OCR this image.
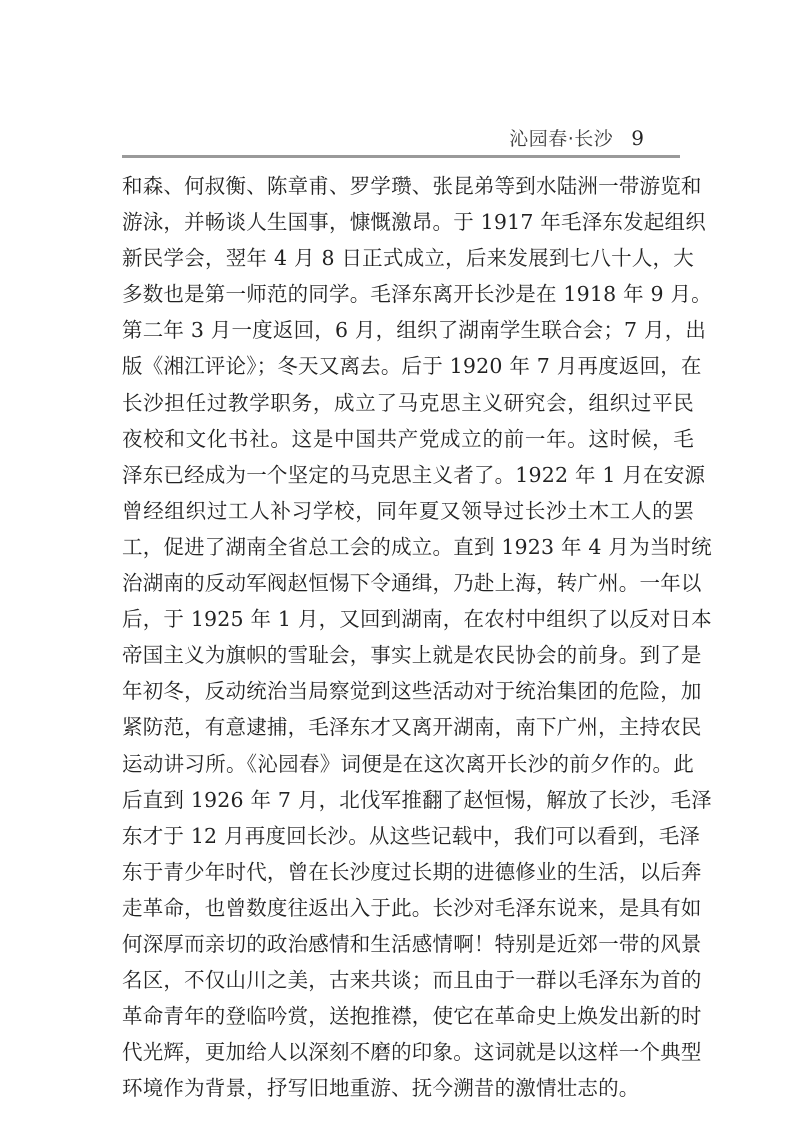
沁园春·长沙 9
和森、何叔衡、陈章甫、罗学瓒、张昆弟等到水陆洲一带游览和
游泳，并畅谈人生国事，慷慨激昂。于 1917 年毛泽东发起组织
新民学会，翌年 4 月 8 日正式成立，后来发展到七八十人，大
多数也是第一师范的同学。毛泽东离开长沙是在 1918 年 9 月。
第二年 3 月一度返回，6 月，组织了湖南学生联合会；7 月，出
版《湘江评论》；冬天又离去。后于 1920 年 7 月再度返回，在
长沙担任过教学职务，成立了马克思主义研究会，组织过平民
夜校和文化书社。这是中国共产党成立的前一年。这时候，毛
泽东已经成为一个坚定的马克思主义者了。1922 年 1 月在安源
曾经组织过工人补习学校，同年夏又领导过长沙土木工人的罢
工，促进了湖南全省总工会的成立。直到 1923 年 4 月为当时统
治湖南的反动军阀赵恒惕下令通缉，乃赴上海，转广州。一年以
后，于 1925 年 1 月，又回到湖南，在农村中组织了以反对日本
帝国主义为旗帜的雪耻会，事实上就是农民协会的前身。到了是
年初冬，反动统治当局察觉到这些活动对于统治集团的危险，加
紧防范，有意逮捕，毛泽东才又离开湖南，南下广州，主持农民
运动讲习所。《沁园春》词便是在这次离开长沙的前夕作的。此
后直到 1926 年 7 月，北伐军推翻了赵恒惕，解放了长沙，毛泽
东才于 12 月再度回长沙。从这些记载中，我们可以看到，毛泽
东于青少年时代，曾在长沙度过长期的进德修业的生活，以后奔
走革命，也曾数度往返出入于此。长沙对毛泽东说来，是具有如
何深厚而亲切的政治感情和生活感情啊！特别是近郊一带的风景
名区，不仅山川之美，古来共谈；而且由于一群以毛泽东为首的
革命青年的登临吟赏，送抱推襟，使它在革命史上焕发出新的时
代光辉，更加给人以深刻不磨的印象。这词就是以这样一个典型
环境作为背景，抒写旧地重游、抚今溯昔的激情壮志的。
